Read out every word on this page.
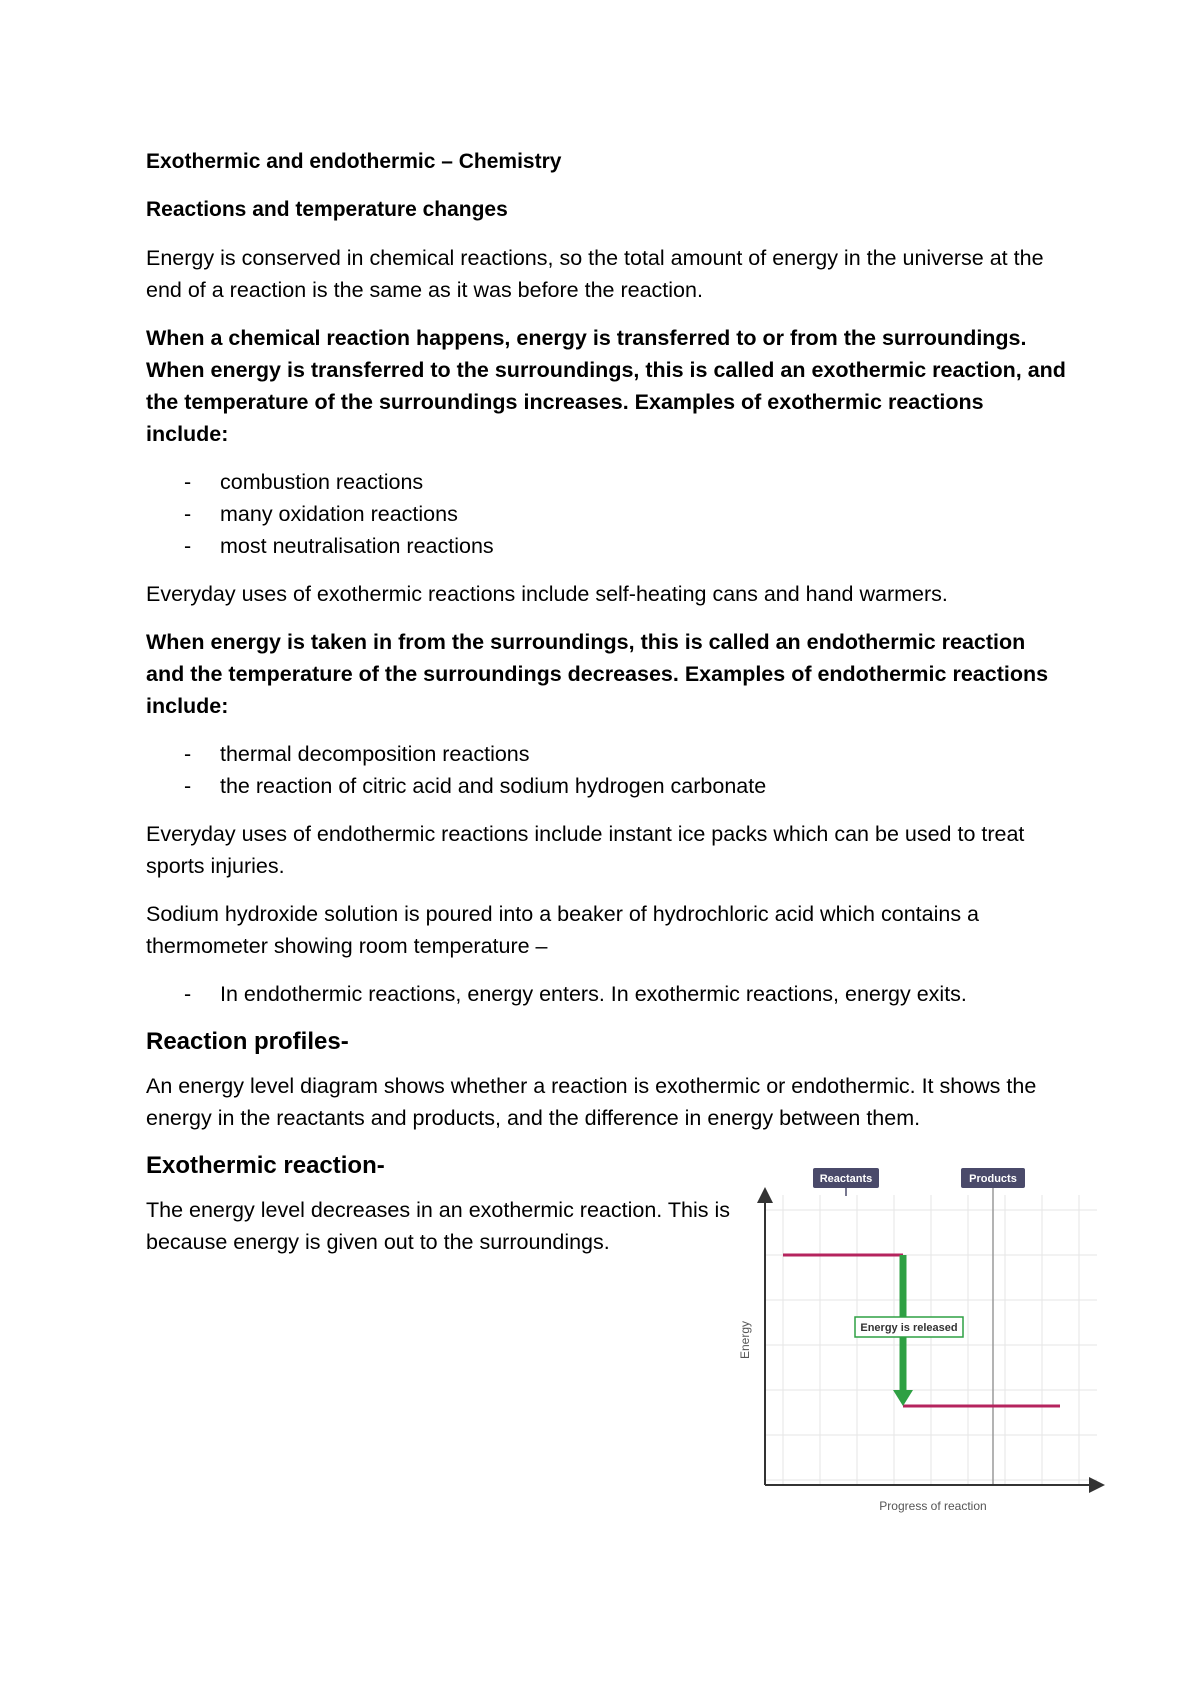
Exothermic and endothermic – Chemistry
Reactions and temperature changes

Energy is conserved in chemical reactions, so the total amount of energy in the universe at the end of a reaction is the same as it was before the reaction.

When a chemical reaction happens, energy is transferred to or from the surroundings. When energy is transferred to the surroundings, this is called an exothermic reaction, and the temperature of the surroundings increases. Examples of exothermic reactions include:

- combustion reactions
- many oxidation reactions
- most neutralisation reactions

Everyday uses of exothermic reactions include self-heating cans and hand warmers.

When energy is taken in from the surroundings, this is called an endothermic reaction and the temperature of the surroundings decreases. Examples of endothermic reactions include:

- thermal decomposition reactions
- the reaction of citric acid and sodium hydrogen carbonate

Everyday uses of endothermic reactions include instant ice packs which can be used to treat sports injuries.

Sodium hydroxide solution is poured into a beaker of hydrochloric acid which contains a thermometer showing room temperature –

- In endothermic reactions, energy enters. In exothermic reactions, energy exits.
Reaction profiles-

An energy level diagram shows whether a reaction is exothermic or endothermic. It shows the energy in the reactants and products, and the difference in energy between them.

Exothermic reaction-

The energy level decreases in an exothermic reaction. This is because energy is given out to the surroundings.

Energy is released
Reactants	Products
Energy
Progress of reaction
